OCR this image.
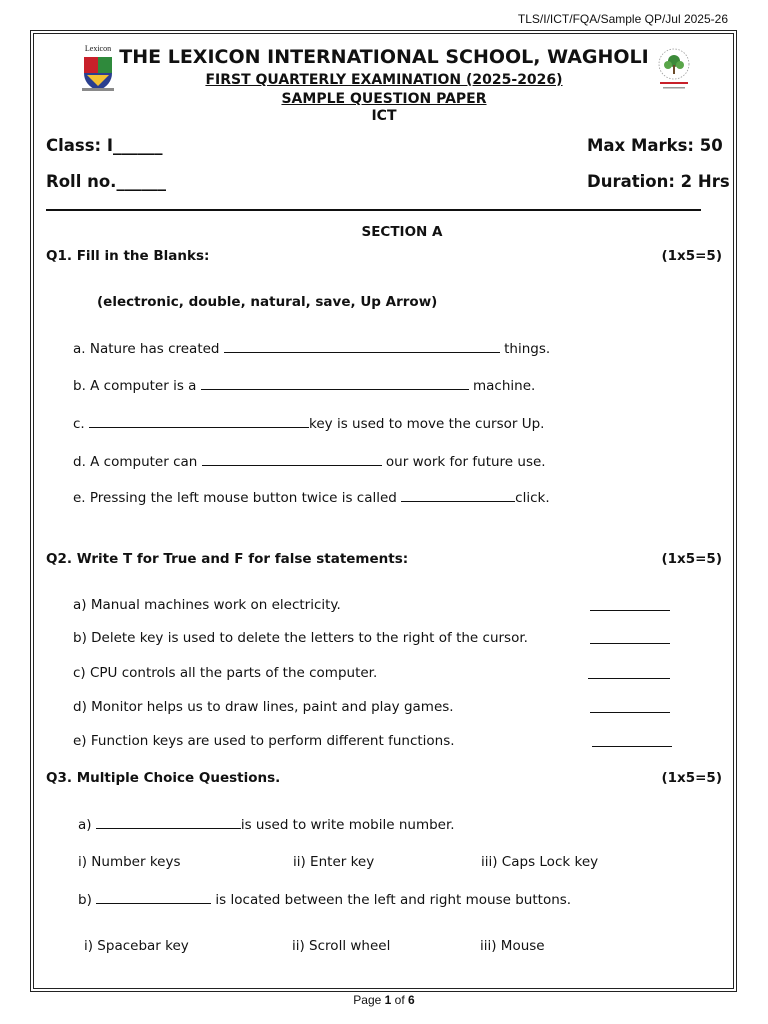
TLS/I/ICT/FQA/Sample QP/Jul 2025-26
Lexicon THE LEXICON INTERNATIONAL SCHOOL, WAGHOLI
FIRST QUARTERLY EXAMINATION (2025-2026)
SAMPLE QUESTION PAPER
ICT
Class: I______	Max Marks: 50
Roll no.______	Duration: 2 Hrs
SECTION A
Q1. Fill in the Blanks:	(1x5=5)
(electronic, double, natural, save, Up Arrow)
a. Nature has created	things.
b. A computer is a	machine.
c.	key is used to move the cursor Up.
d. A computer can	our work for future use.
e. Pressing the left mouse button twice is called	click.
Q2. Write T for True and F for false statements:	(1x5=5)
a) Manual machines work on electricity.
b) Delete key is used to delete the letters to the right of the cursor.
c) CPU controls all the parts of the computer.
d) Monitor helps us to draw lines, paint and play games.
e) Function keys are used to perform different functions.
Q3. Multiple Choice Questions.	(1x5=5)
a)	is used to write mobile number.
i) Number keys	ii) Enter key	iii) Caps Lock key
b)	is located between the left and right mouse buttons.
i) Spacebar key	ii) Scroll wheel	iii) Mouse
Page 1 of 6
